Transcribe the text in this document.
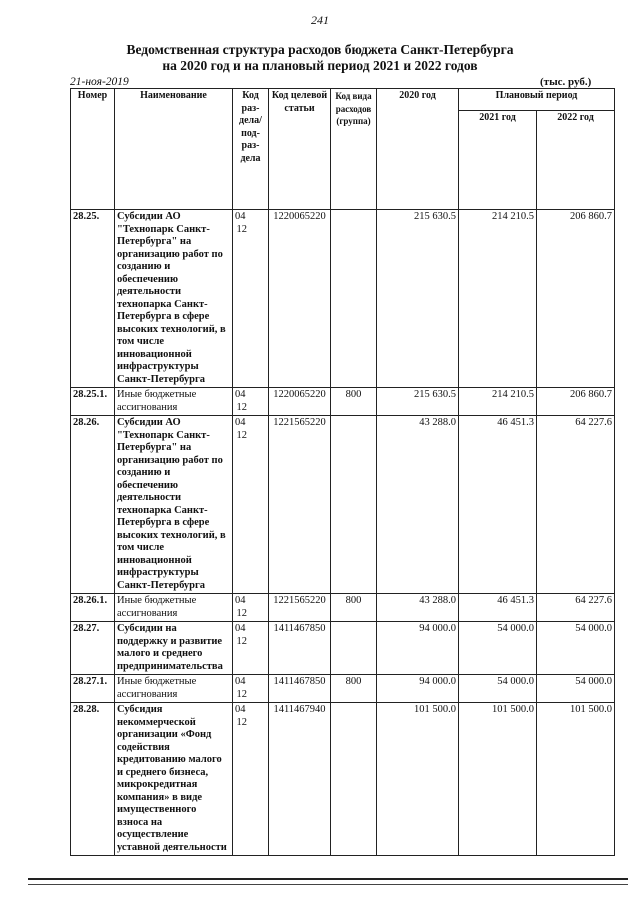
241
Ведомственная структура расходов бюджета Санкт-Петербурга
на 2020 год и на плановый период 2021 и 2022 годов
21-ноя-2019	(тыс. руб.)
Номер	Наименование	Код раз-дела/ под-раз-дела	Код целевой статьи	Код вида расходов (группа)	2020 год	Плановый период	
						2021 год	2022 год
28.25.	Субсидии АО "Технопарк Санкт-Петербурга" на организацию работ по созданию и обеспечению деятельности технопарка Санкт-Петербурга в сфере высоких технологий, в том числе инновационной инфраструктуры Санкт-Петербурга	0412	1220065220		215 630.5	214 210.5	206 860.7
28.25.1.	Иные бюджетные ассигнования	0412	1220065220	800	215 630.5	214 210.5	206 860.7
28.26.	Субсидии АО "Технопарк Санкт-Петербурга" на организацию работ по созданию и обеспечению деятельности технопарка Санкт-Петербурга в сфере высоких технологий, в том числе инновационной инфраструктуры Санкт-Петербурга	0412	1221565220		43 288.0	46 451.3	64 227.6
28.26.1.	Иные бюджетные ассигнования	0412	1221565220	800	43 288.0	46 451.3	64 227.6
28.27.	Субсидии на поддержку и развитие малого и среднего предпринимательства	0412	1411467850		94 000.0	54 000.0	54 000.0
28.27.1.	Иные бюджетные ассигнования	0412	1411467850	800	94 000.0	54 000.0	54 000.0
28.28.	Субсидия некоммерческой организации «Фонд содействия кредитованию малого и среднего бизнеса, микрокредитная компания» в виде имущественного взноса на осуществление уставной деятельности	0412	1411467940		101 500.0	101 500.0	101 500.0
